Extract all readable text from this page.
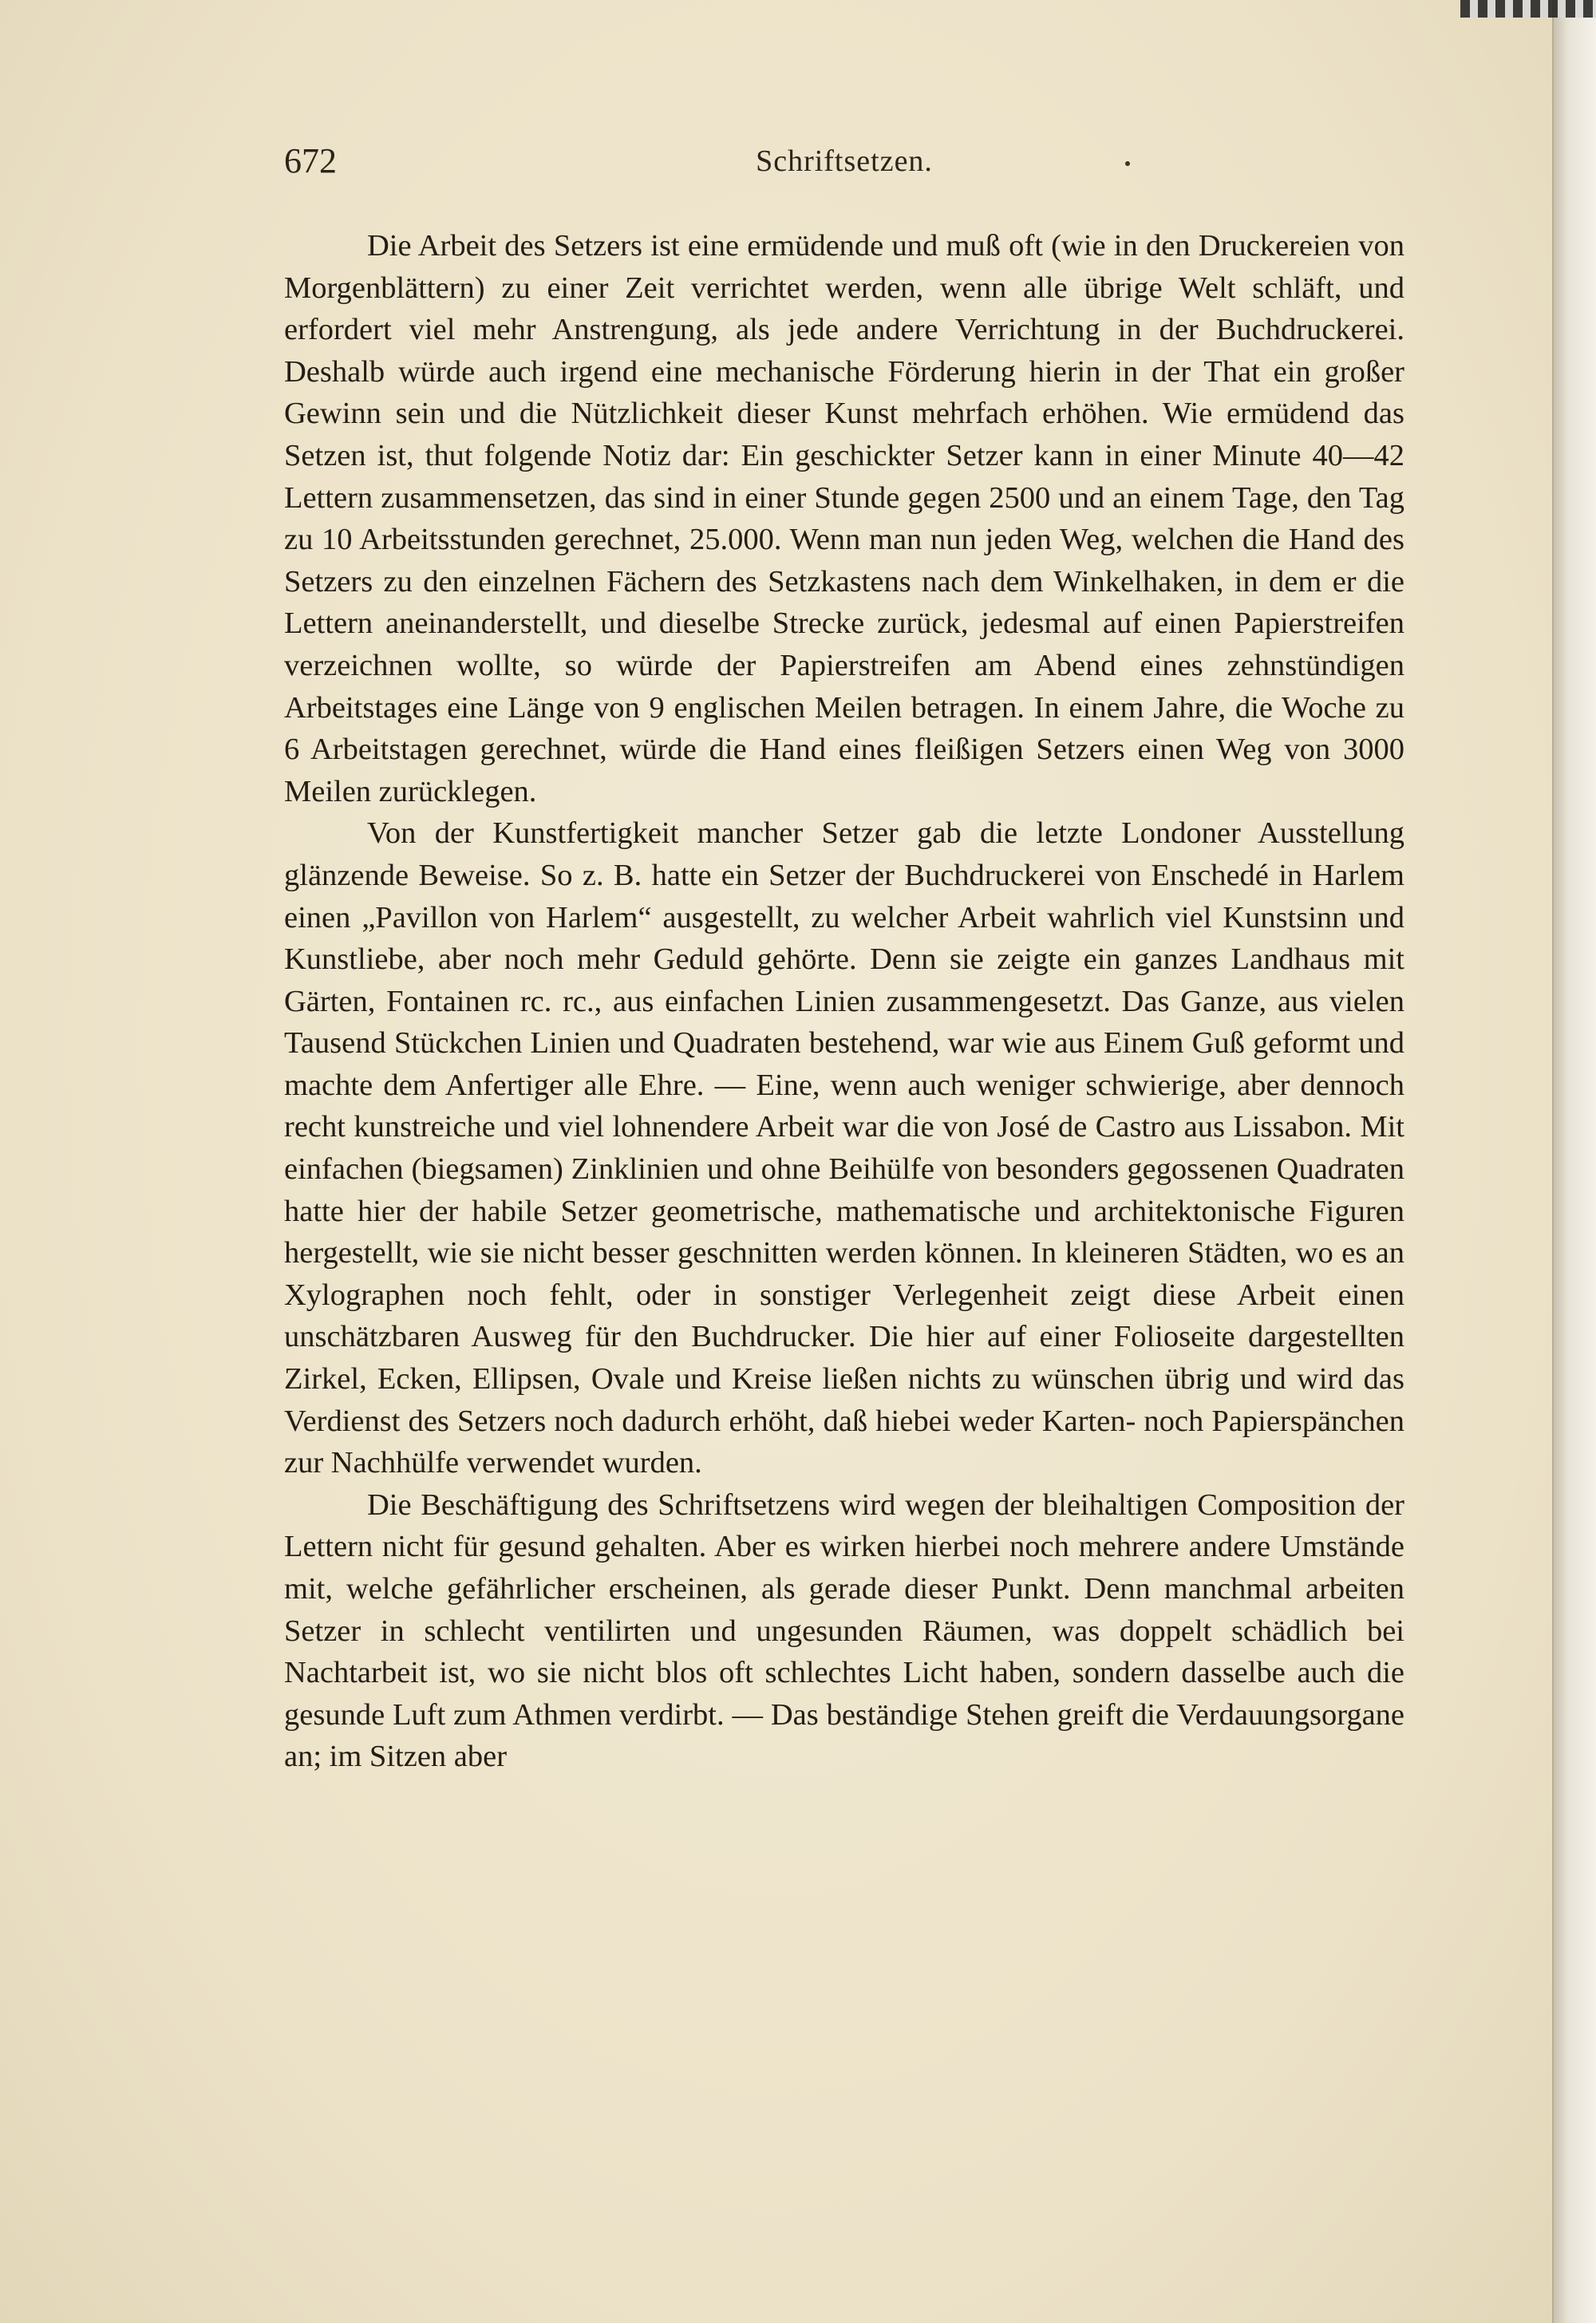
672	Schriftsetzen.

Die Arbeit des Setzers ist eine ermüdende und muß oft (wie in den Druckereien von Morgenblättern) zu einer Zeit verrichtet werden, wenn alle übrige Welt schläft, und erfordert viel mehr Anstrengung, als jede andere Verrichtung in der Buchdruckerei. Deshalb würde auch irgend eine mechanische Förderung hierin in der That ein großer Gewinn sein und die Nützlichkeit dieser Kunst mehrfach erhöhen. Wie ermüdend das Setzen ist, thut folgende Notiz dar: Ein geschickter Setzer kann in einer Minute 40—42 Lettern zusammensetzen, das sind in einer Stunde gegen 2500 und an einem Tage, den Tag zu 10 Arbeitsstunden gerechnet, 25.000. Wenn man nun jeden Weg, welchen die Hand des Setzers zu den einzelnen Fächern des Setzkastens nach dem Winkelhaken, in dem er die Lettern aneinanderstellt, und dieselbe Strecke zurück, jedesmal auf einen Papierstreifen verzeichnen wollte, so würde der Papierstreifen am Abend eines zehnstündigen Arbeitstages eine Länge von 9 englischen Meilen betragen. In einem Jahre, die Woche zu 6 Arbeitstagen gerechnet, würde die Hand eines fleißigen Setzers einen Weg von 3000 Meilen zurücklegen.

Von der Kunstfertigkeit mancher Setzer gab die letzte Londoner Ausstellung glänzende Beweise. So z. B. hatte ein Setzer der Buchdruckerei von Enschedé in Harlem einen „Pavillon von Harlem“ ausgestellt, zu welcher Arbeit wahrlich viel Kunstsinn und Kunstliebe, aber noch mehr Geduld gehörte. Denn sie zeigte ein ganzes Landhaus mit Gärten, Fontainen rc. rc., aus einfachen Linien zusammengesetzt. Das Ganze, aus vielen Tausend Stückchen Linien und Quadraten bestehend, war wie aus Einem Guß geformt und machte dem Anfertiger alle Ehre. — Eine, wenn auch weniger schwierige, aber dennoch recht kunstreiche und viel lohnendere Arbeit war die von José de Castro aus Lissabon. Mit einfachen (biegsamen) Zinklinien und ohne Beihülfe von besonders gegossenen Quadraten hatte hier der habile Setzer geometrische, mathematische und architektonische Figuren hergestellt, wie sie nicht besser geschnitten werden können. In kleineren Städten, wo es an Xylographen noch fehlt, oder in sonstiger Verlegenheit zeigt diese Arbeit einen unschätzbaren Ausweg für den Buchdrucker. Die hier auf einer Folioseite dargestellten Zirkel, Ecken, Ellipsen, Ovale und Kreise ließen nichts zu wünschen übrig und wird das Verdienst des Setzers noch dadurch erhöht, daß hiebei weder Karten- noch Papierspänchen zur Nachhülfe verwendet wurden.

Die Beschäftigung des Schriftsetzens wird wegen der bleihaltigen Composition der Lettern nicht für gesund gehalten. Aber es wirken hierbei noch mehrere andere Umstände mit, welche gefährlicher erscheinen, als gerade dieser Punkt. Denn manchmal arbeiten Setzer in schlecht ventilirten und ungesunden Räumen, was doppelt schädlich bei Nachtarbeit ist, wo sie nicht blos oft schlechtes Licht haben, sondern dasselbe auch die gesunde Luft zum Athmen verdirbt. — Das beständige Stehen greift die Verdauungsorgane an; im Sitzen aber
